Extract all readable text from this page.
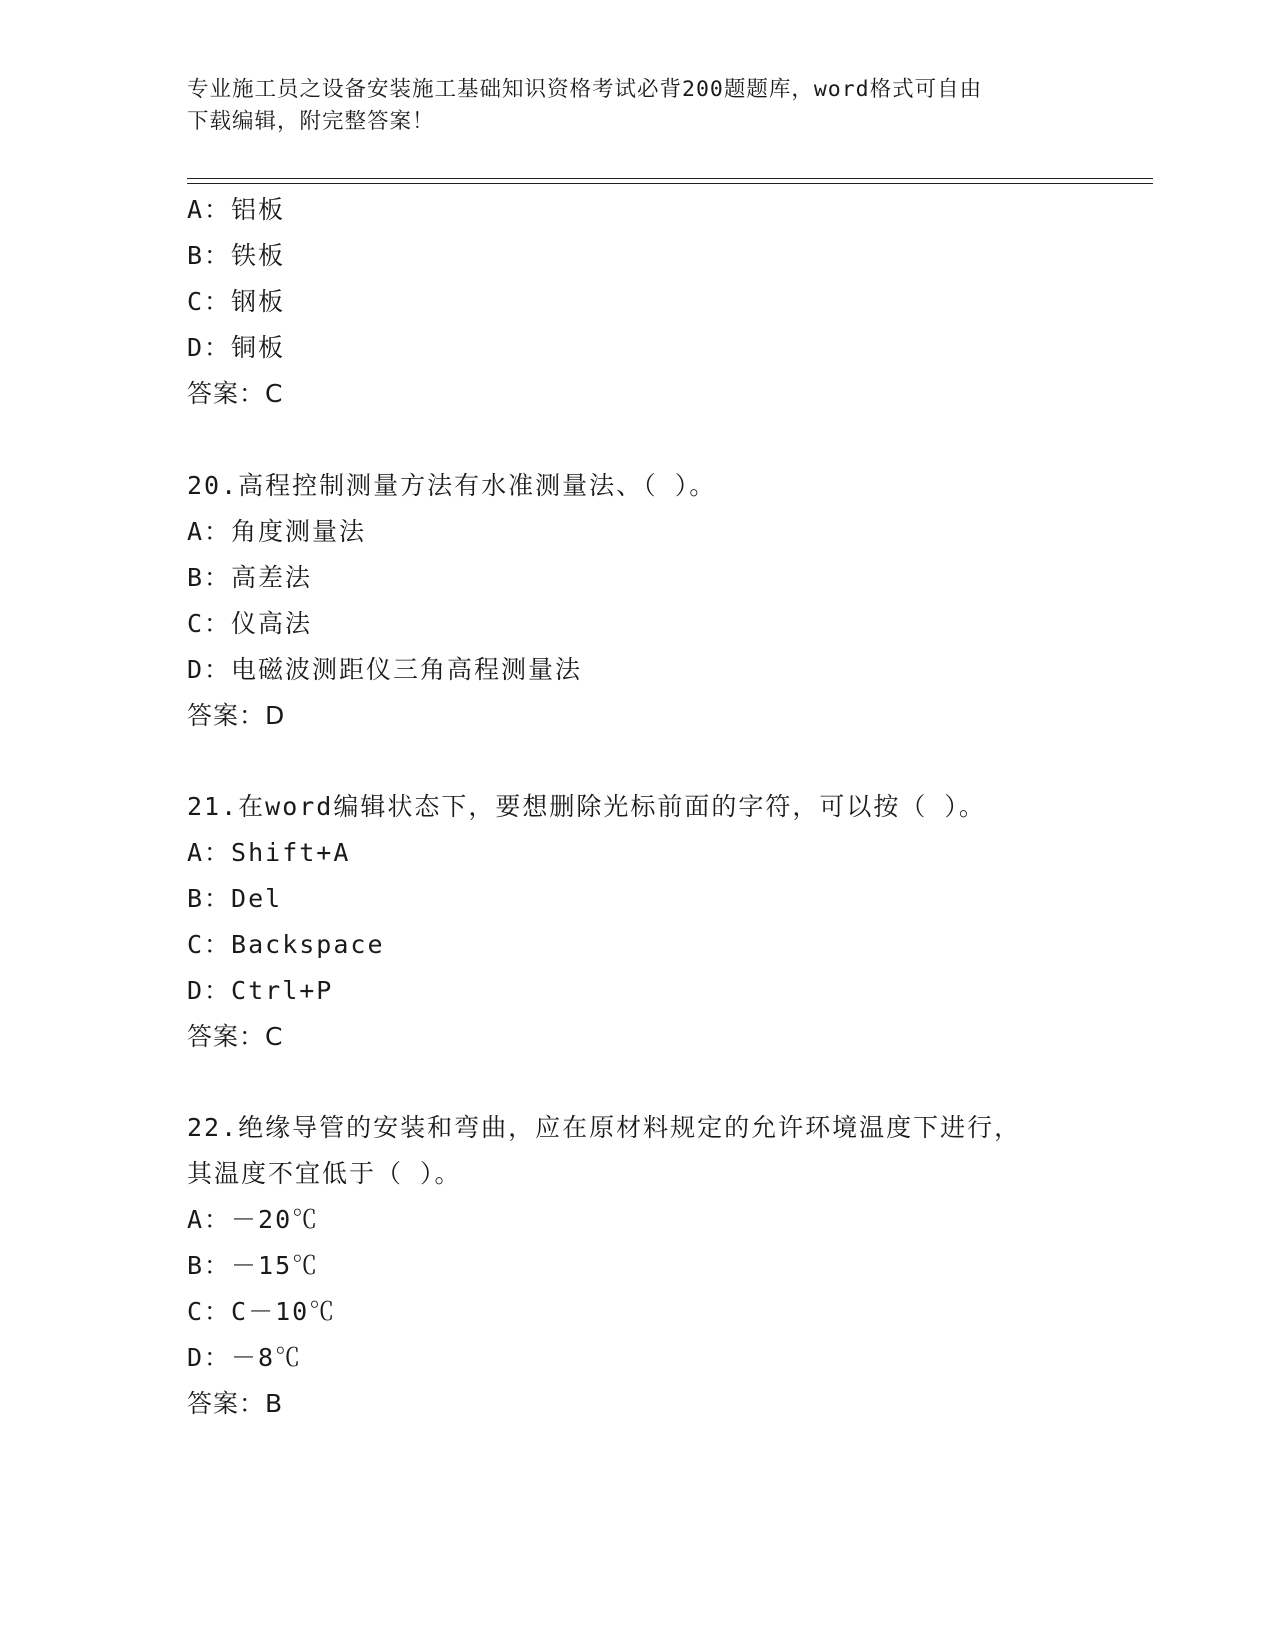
专业施工员之设备安装施工基础知识资格考试必背200题题库，word格式可自由
下载编辑，附完整答案！
A：铝板
B：铁板
C：钢板
D：铜板
答案：C
20.高程控制测量方法有水准测量法、（ ）。
A：角度测量法
B：高差法
C：仪高法
D：电磁波测距仪三角高程测量法
答案：D
21.在word编辑状态下，要想删除光标前面的字符，可以按（ ）。
A：Shift+A
B：Del
C：Backspace
D：Ctrl+P
答案：C
22.绝缘导管的安装和弯曲，应在原材料规定的允许环境温度下进行，
其温度不宜低于（ ）。
A：－20℃
B：－15℃
C：C－10℃
D：－8℃
答案：B
